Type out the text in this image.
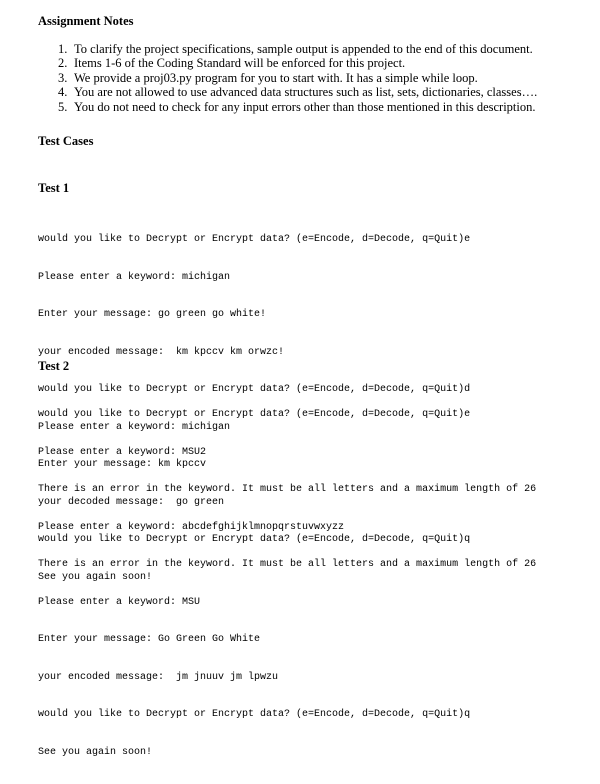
Assignment Notes
1. To clarify the project specifications, sample output is appended to the end of this document.
2. Items 1-6 of the Coding Standard will be enforced for this project.
3. We provide a proj03.py program for you to start with. It has a simple while loop.
4. You are not allowed to use advanced data structures such as list, sets, dictionaries, classes….
5. You do not need to check for any input errors other than those mentioned in this description.
Test Cases
Test 1

would you like to Decrypt or Encrypt data? (e=Encode, d=Decode, q=Quit)e

Please enter a keyword: michigan

Enter your message: go green go white!

your encoded message:  km kpccv km orwzc!

would you like to Decrypt or Encrypt data? (e=Encode, d=Decode, q=Quit)d

Please enter a keyword: michigan

Enter your message: km kpccv

your decoded message:  go green

would you like to Decrypt or Encrypt data? (e=Encode, d=Decode, q=Quit)q

See you again soon!

Test 2

would you like to Decrypt or Encrypt data? (e=Encode, d=Decode, q=Quit)e

Please enter a keyword: MSU2

There is an error in the keyword. It must be all letters and a maximum length of 26

Please enter a keyword: abcdefghijklmnopqrstuvwxyzz

There is an error in the keyword. It must be all letters and a maximum length of 26

Please enter a keyword: MSU

Enter your message: Go Green Go White

your encoded message:  jm jnuuv jm lpwzu

would you like to Decrypt or Encrypt data? (e=Encode, d=Decode, q=Quit)q

See you again soon!
